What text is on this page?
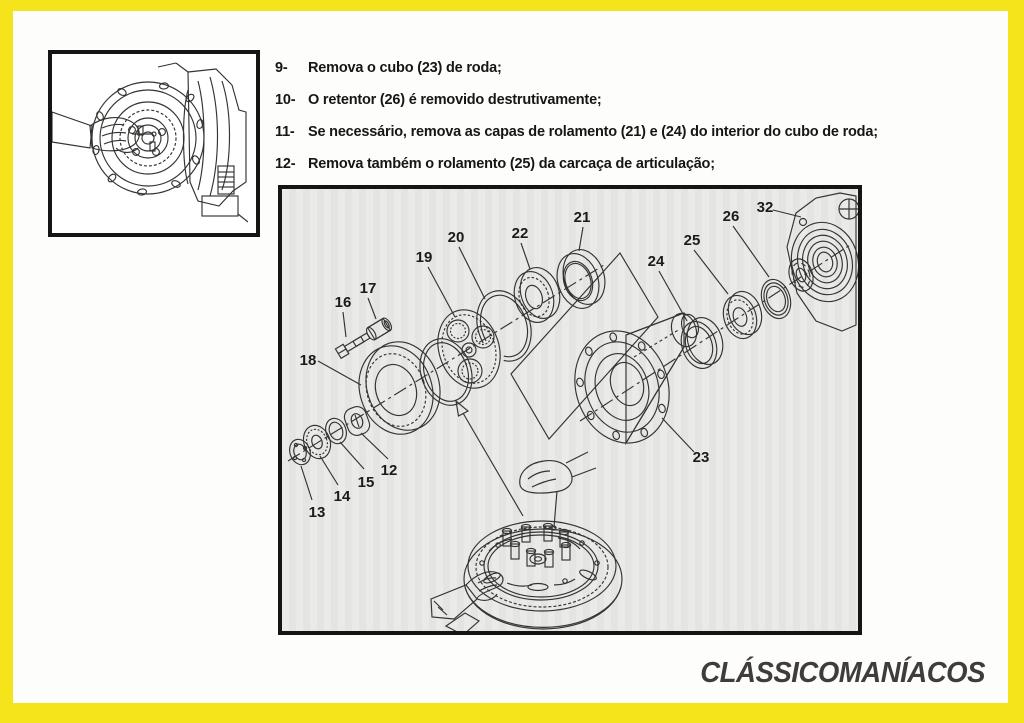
9-	Remova o cubo (23) de roda;
10- O retentor (26) é removido destrutivamente;
11- Se necessário, remova as capas de rolamento (21) e (24) do interior do cubo de roda;
12- Remova também o rolamento (25) da carcaça de articulação;
12
13
14
15
16
17
18
19
20
21
22
23
24
25
26
32
CLÁSSICOMANÍACOS
